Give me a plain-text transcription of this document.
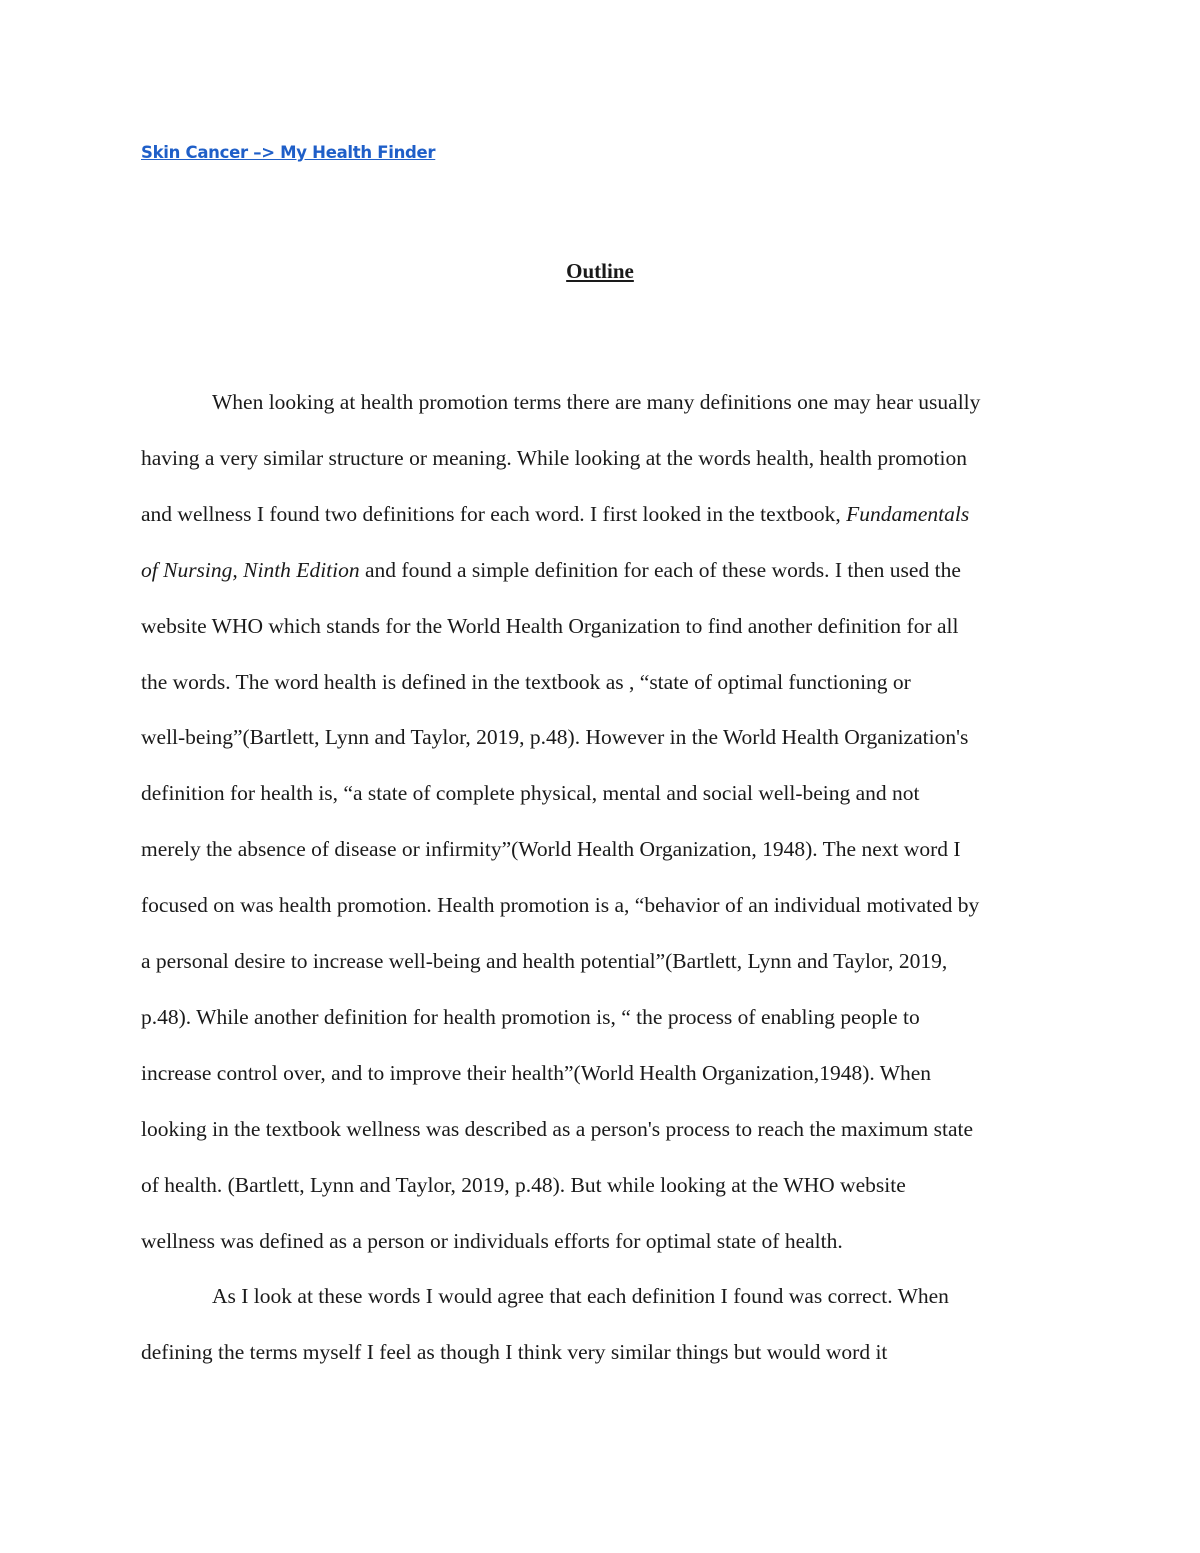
Skin Cancer –> My Health Finder
Outline
When looking at health promotion terms there are many definitions one may hear usually
having a very similar structure or meaning. While looking at the words health, health promotion
and wellness I found two definitions for each word. I first looked in the textbook, Fundamentals
of Nursing, Ninth Edition and found a simple definition for each of these words. I then used the
website WHO which stands for the World Health Organization to find another definition for all
the words. The word health is defined in the textbook as , “state of optimal functioning or
well-being”(Bartlett, Lynn and Taylor, 2019, p.48). However in the World Health Organization's
definition for health is, “a state of complete physical, mental and social well-being and not
merely the absence of disease or infirmity”(World Health Organization, 1948). The next word I
focused on was health promotion. Health promotion is a, “behavior of an individual motivated by
a personal desire to increase well-being and health potential”(Bartlett, Lynn and Taylor, 2019,
p.48). While another definition for health promotion is, “ the process of enabling people to
increase control over, and to improve their health”(World Health Organization,1948). When
looking in the textbook wellness was described as a person's process to reach the maximum state
of health. (Bartlett, Lynn and Taylor, 2019, p.48). But while looking at the WHO website
wellness was defined as a person or individuals efforts for optimal state of health.
As I look at these words I would agree that each definition I found was correct. When
defining the terms myself I feel as though I think very similar things but would word it
